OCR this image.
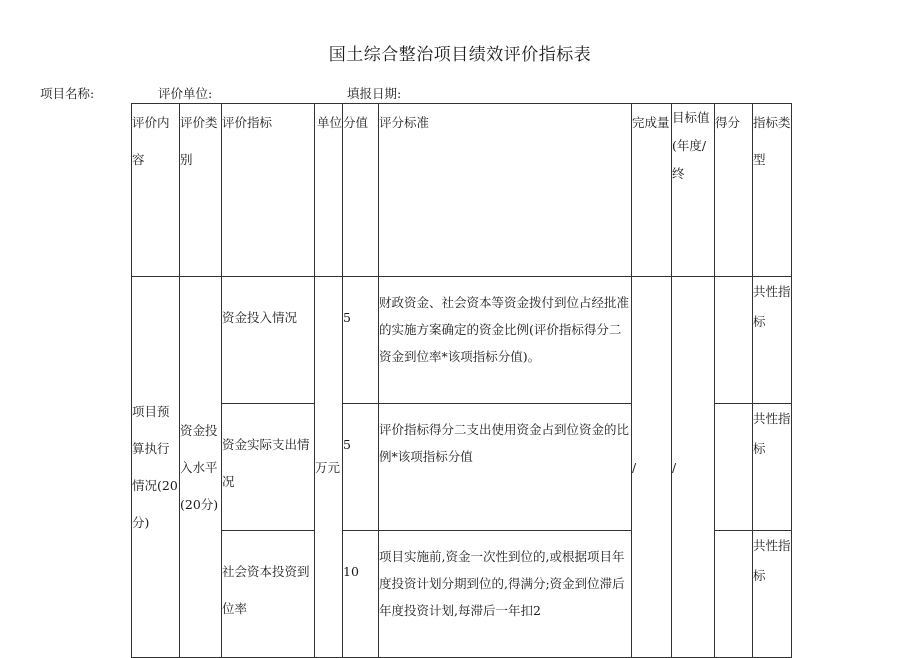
国土综合整治项目绩效评价指标表
项目名称:	评价单位:	填报日期:
评价内容	评价类别	评价指标	单位	分值	评分标准	完成量	目标值(年度/终	得分	指标类型

项目预算执行情况(20分)	资金投入水平(20分)	资金投入情况	万元	5	财政资金、社会资本等资金拨付到位占经批准的实施方案确定的资金比例(评价指标得分二资金到位率*该项指标分值)。	/	/		共性指标
		资金实际支出情况		5	评价指标得分二支出使用资金占到位资金的比例*该项指标分值				共性指标
		社会资本投资到位率		10	项目实施前,资金一次性到位的,或根据项目年度投资计划分期到位的,得满分;资金到位滞后年度投资计划,每滞后一年扣2				共性指标
